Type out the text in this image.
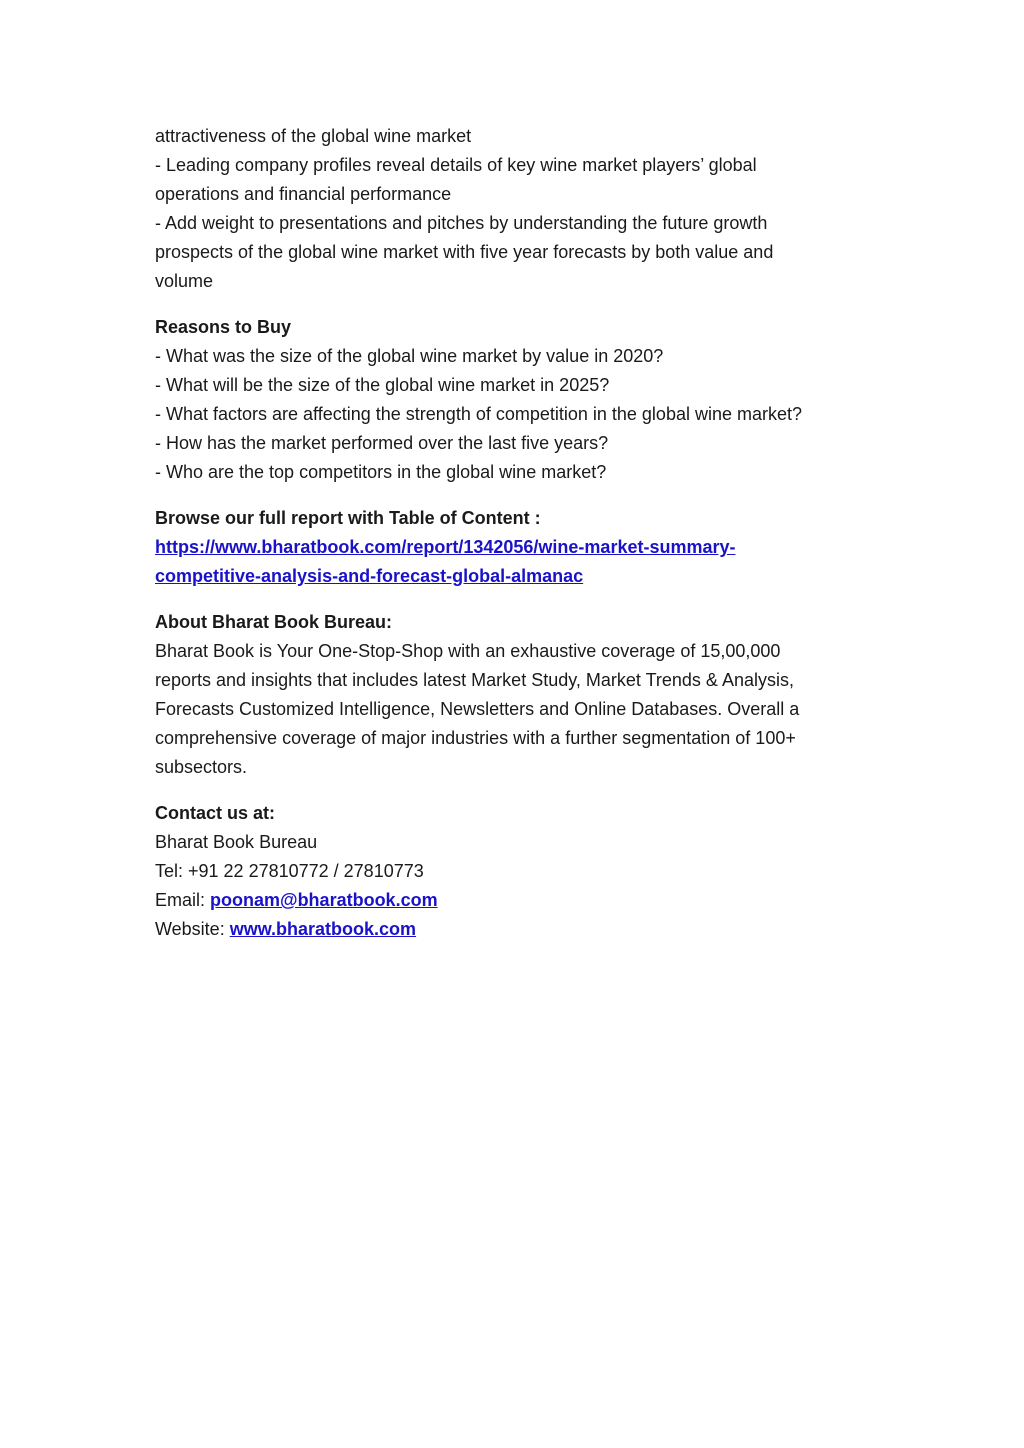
attractiveness of the global wine market
- Leading company profiles reveal details of key wine market players’ global
operations and financial performance
- Add weight to presentations and pitches by understanding the future growth
prospects of the global wine market with five year forecasts by both value and
volume
Reasons to Buy
- What was the size of the global wine market by value in 2020?
- What will be the size of the global wine market in 2025?
- What factors are affecting the strength of competition in the global wine market?
- How has the market performed over the last five years?
- Who are the top competitors in the global wine market?
Browse our full report with Table of Content :
https://www.bharatbook.com/report/1342056/wine-market-summary-
competitive-analysis-and-forecast-global-almanac
About Bharat Book Bureau:
Bharat Book is Your One-Stop-Shop with an exhaustive coverage of 15,00,000
reports and insights that includes latest Market Study, Market Trends & Analysis,
Forecasts Customized Intelligence, Newsletters and Online Databases. Overall a
comprehensive coverage of major industries with a further segmentation of 100+
subsectors.
Contact us at:
Bharat Book Bureau
Tel: +91 22 27810772 / 27810773
Email: poonam@bharatbook.com
Website: www.bharatbook.com
